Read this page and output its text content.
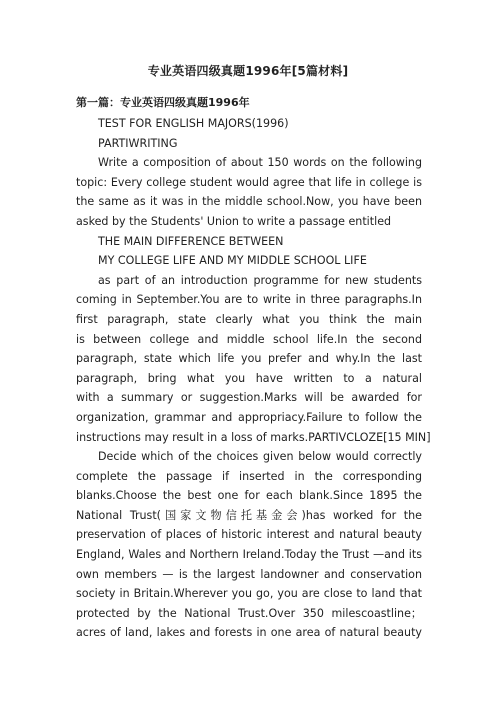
专业英语四级真题1996年[5篇材料]
第一篇：专业英语四级真题1996年
TEST FOR ENGLISH MAJORS(1996)
PARTIWRITING
Write a composition of about 150 words on the following
topic: Every college student would agree that life in college is
the same as it was in the middle school.Now, you have been
asked by the Students' Union to write a passage entitled
THE MAIN DIFFERENCE BETWEEN
MY COLLEGE LIFE AND MY MIDDLE SCHOOL LIFE
as part of an introduction programme for new students
coming in September.You are to write in three paragraphs.In
first paragraph, state clearly what you think the main
is between college and middle school life.In the second
paragraph, state which life you prefer and why.In the last
paragraph, bring what you have written to a natural
with a summary or suggestion.Marks will be awarded for
organization, grammar and appropriacy.Failure to follow the
instructions may result in a loss of marks.PARTIVCLOZE[15 MIN]
Decide which of the choices given below would correctly
complete the passage if inserted in the corresponding
blanks.Choose the best one for each blank.Since 1895 the
National Trust(国家文物信托基金会)has worked for the
preservation of places of historic interest and natural beauty
England, Wales and Northern Ireland.Today the Trust —and its
own members — is the largest landowner and conservation
society in Britain.Wherever you go, you are close to land that
protected by the National Trust.Over 350 milescoastline；
acres of land, lakes and forests in one area of natural beauty
